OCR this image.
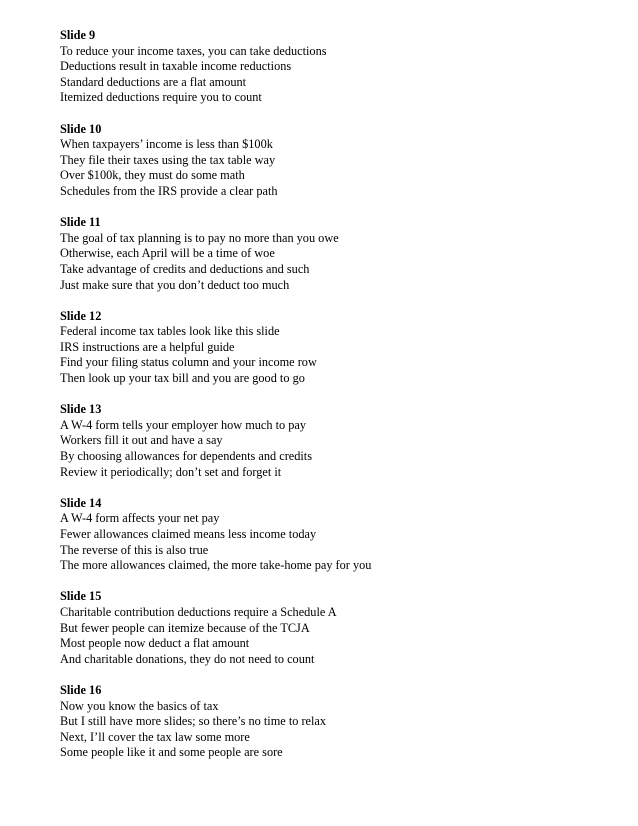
Slide 9

To reduce your income taxes, you can take deductions

Deductions result in taxable income reductions

Standard deductions are a flat amount

Itemized deductions require you to count

Slide 10

When taxpayers’ income is less than $100k

They file their taxes using the tax table way

Over $100k, they must do some math

Schedules from the IRS provide a clear path

Slide 11

The goal of tax planning is to pay no more than you owe

Otherwise, each April will be a time of woe

Take advantage of credits and deductions and such

Just make sure that you don’t deduct too much

Slide 12

Federal income tax tables look like this slide

IRS instructions are a helpful guide

Find your filing status column and your income row

Then look up your tax bill and you are good to go

Slide 13

A W-4 form tells your employer how much to pay

Workers fill it out and have a say

By choosing allowances for dependents and credits

Review it periodically; don’t set and forget it

Slide 14

A W-4 form affects your net pay

Fewer allowances claimed means less income today

The reverse of this is also true

The more allowances claimed, the more take-home pay for you

Slide 15

Charitable contribution deductions require a Schedule A

But fewer people can itemize because of the TCJA

Most people now deduct a flat amount

And charitable donations, they do not need to count

Slide 16

Now you know the basics of tax

But I still have more slides; so there’s no time to relax

Next, I’ll cover the tax law some more

Some people like it and some people are sore
